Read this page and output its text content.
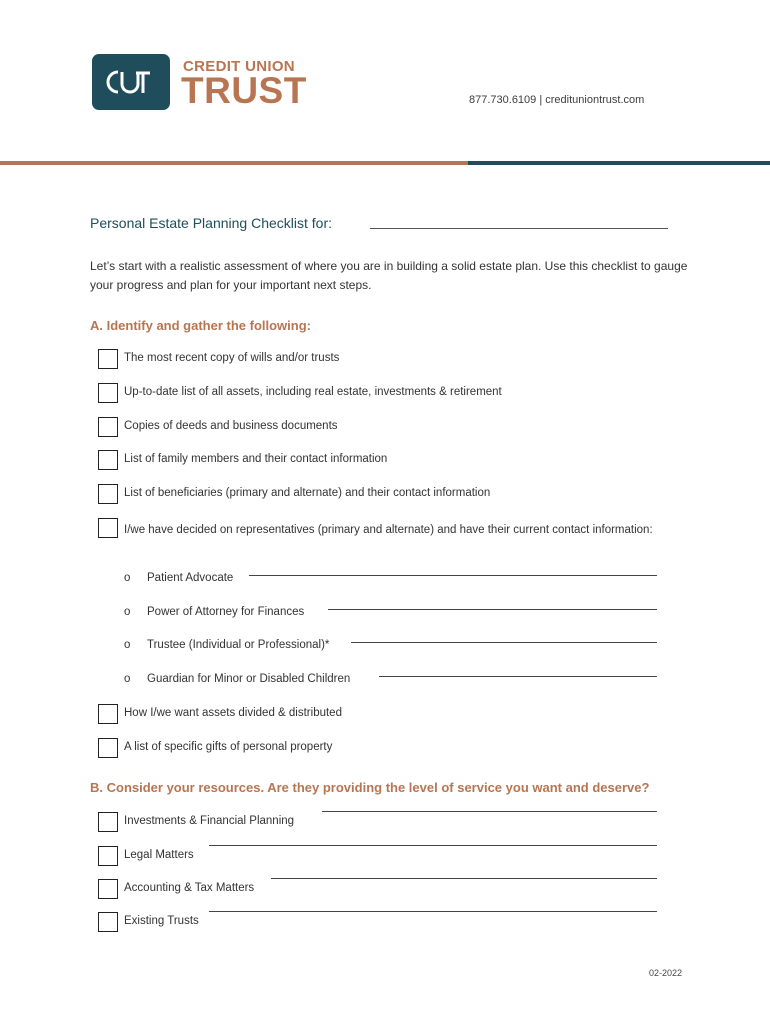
CREDIT UNION
TRUST	877.730.6109 | credituniontrust.com
Personal Estate Planning Checklist for:
Let’s start with a realistic assessment of where you are in building a solid estate plan. Use this checklist to gauge your progress and plan for your important next steps.
A. Identify and gather the following:
The most recent copy of wills and/or trusts
Up-to-date list of all assets, including real estate, investments & retirement
Copies of deeds and business documents
List of family members and their contact information
List of beneficiaries (primary and alternate) and their contact information
I/we have decided on representatives (primary and alternate) and have their current contact information:
o Patient Advocate
o Power of Attorney for Finances
o Trustee (Individual or Professional)*
o Guardian for Minor or Disabled Children
How I/we want assets divided & distributed
A list of specific gifts of personal property
B. Consider your resources. Are they providing the level of service you want and deserve?
Investments & Financial Planning
Legal Matters
Accounting & Tax Matters
Existing Trusts
02-2022
